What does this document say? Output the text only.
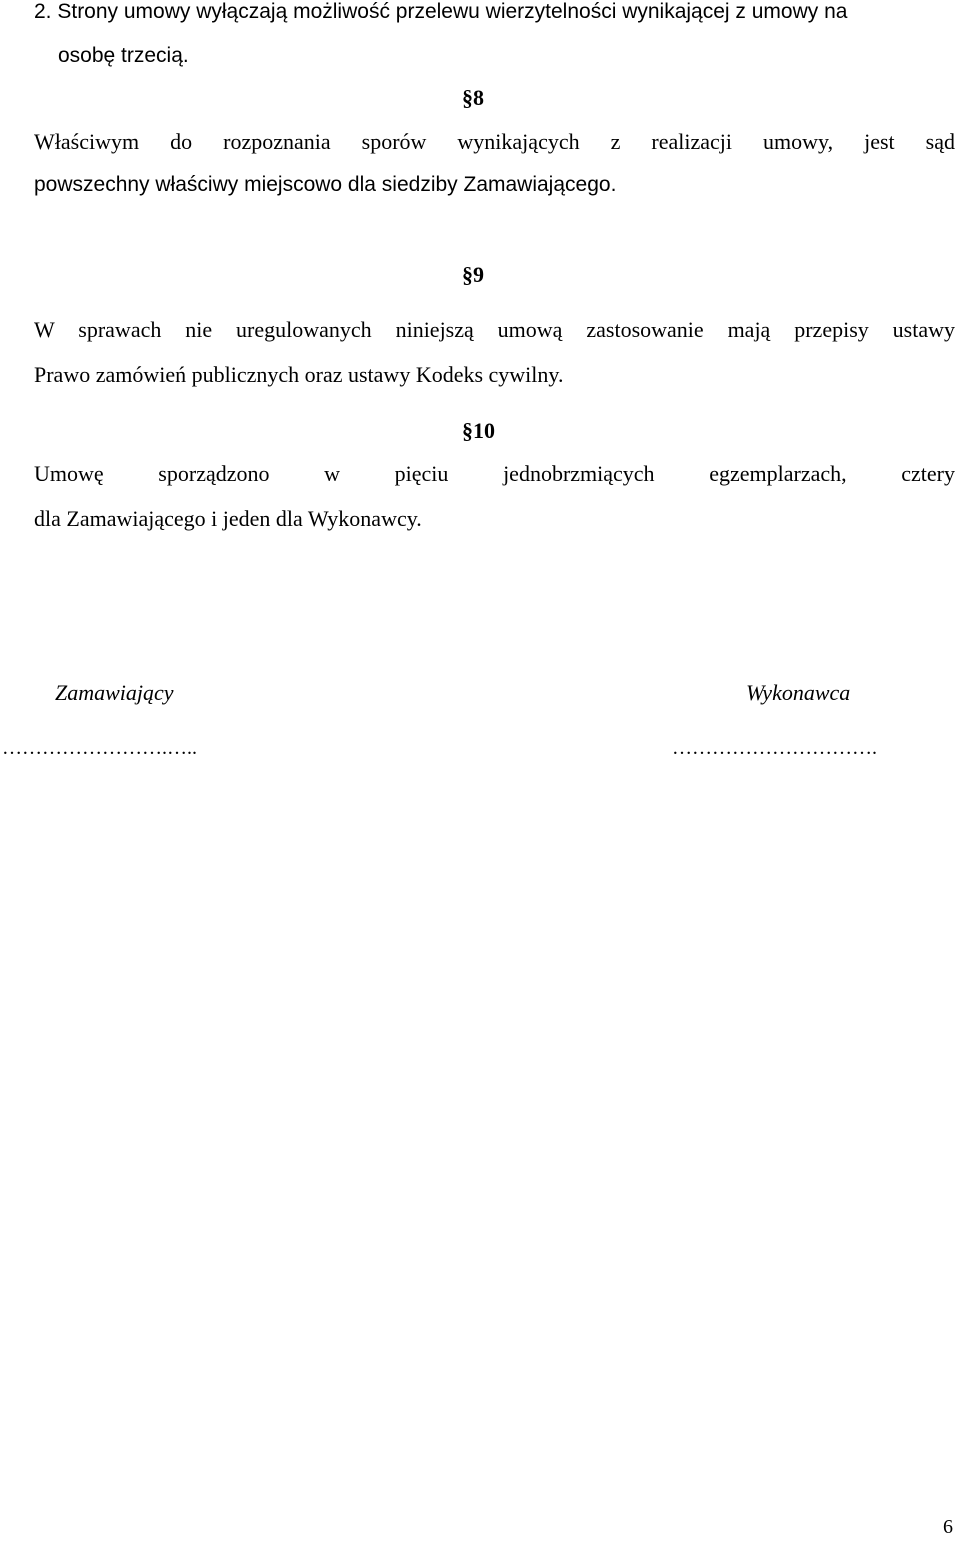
2. Strony umowy wyłączają możliwość przelewu wierzytelności wynikającej z umowy na

osobę trzecią.

§8

Właściwym do rozpoznania sporów wynikających z realizacji umowy, jest sąd

powszechny właściwy miejscowo dla siedziby Zamawiającego.

§9

W sprawach nie uregulowanych niniejszą umową zastosowanie mają przepisy ustawy

Prawo zamówień publicznych oraz ustawy Kodeks cywilny.

§10

Umowę sporządzono w pięciu jednobrzmiących egzemplarzach, cztery

dla Zamawiającego i jeden dla Wykonawcy.

Zamawiający	Wykonawca

…………………….…..	………………………….

6
